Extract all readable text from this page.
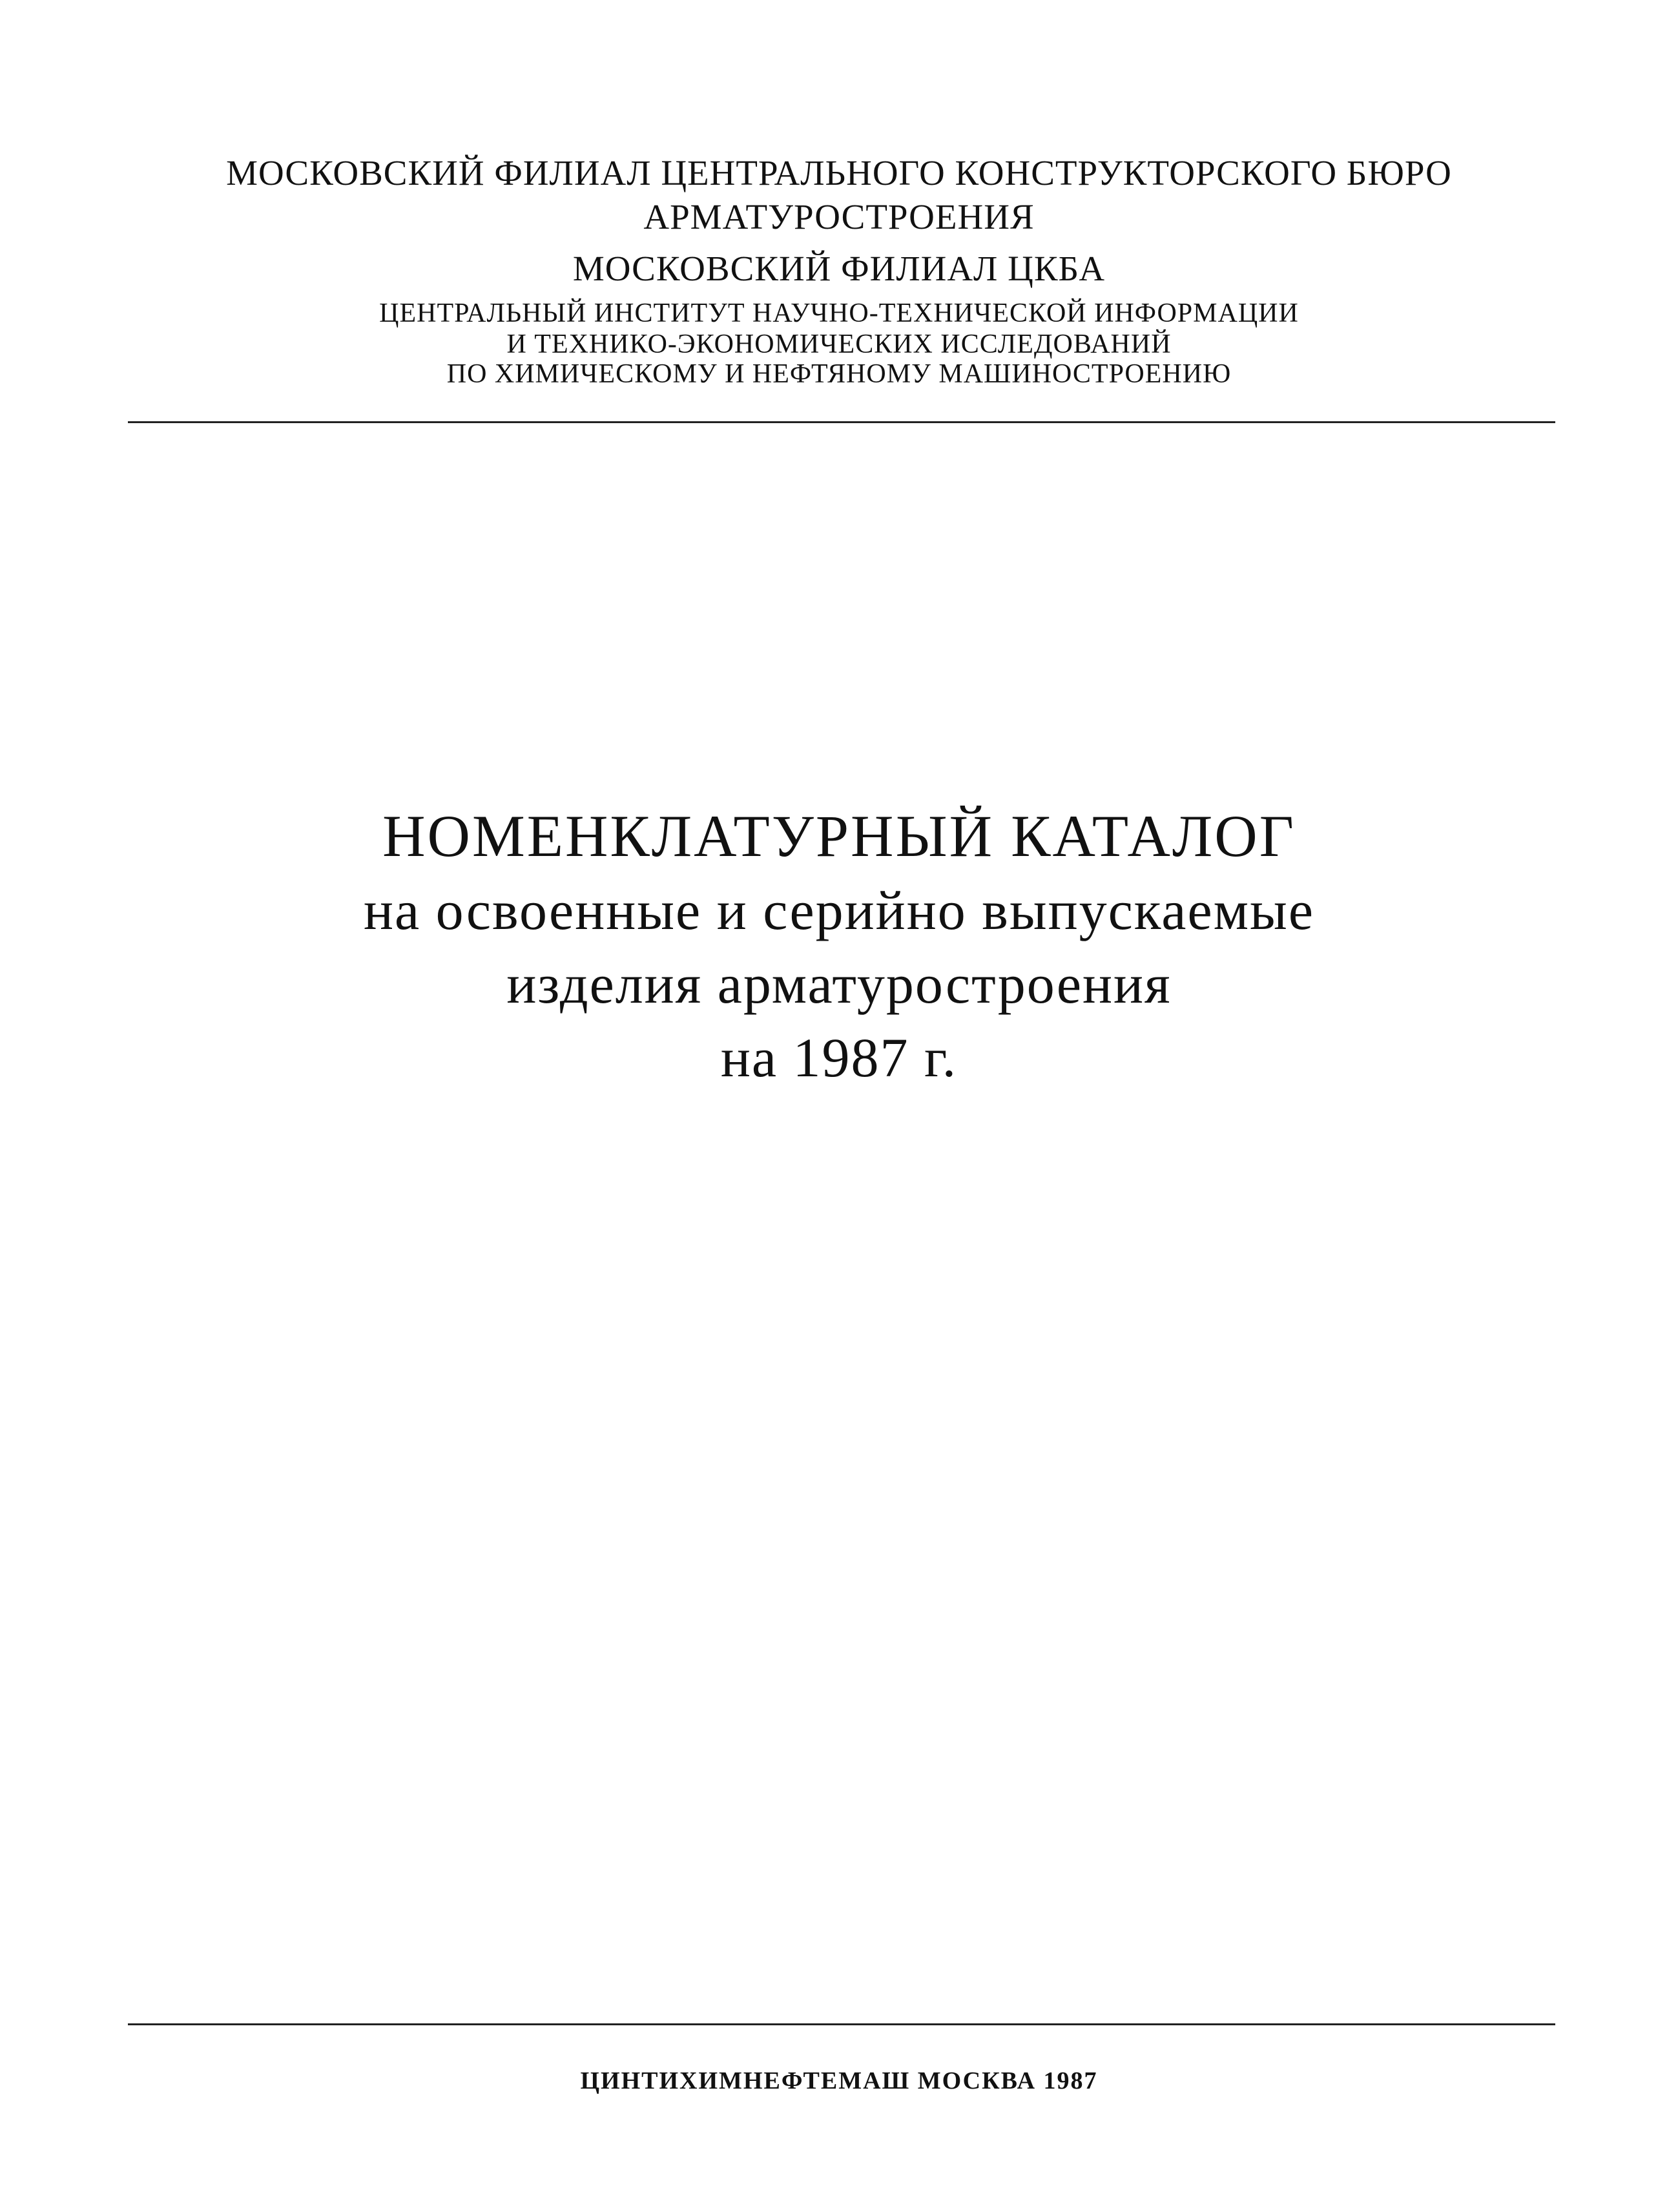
МОСКОВСКИЙ ФИЛИАЛ ЦЕНТРАЛЬНОГО КОНСТРУКТОРСКОГО БЮРО
АРМАТУРОСТРОЕНИЯ
МОСКОВСКИЙ ФИЛИАЛ ЦКБА
ЦЕНТРАЛЬНЫЙ ИНСТИТУТ НАУЧНО-ТЕХНИЧЕСКОЙ ИНФОРМАЦИИ
И ТЕХНИКО-ЭКОНОМИЧЕСКИХ ИССЛЕДОВАНИЙ
ПО ХИМИЧЕСКОМУ И НЕФТЯНОМУ МАШИНОСТРОЕНИЮ
НОМЕНКЛАТУРНЫЙ КАТАЛОГ
на освоенные и серийно выпускаемые
изделия арматуростроения
на 1987 г.
ЦИНТИХИМНЕФТЕМАШ МОСКВА 1987
